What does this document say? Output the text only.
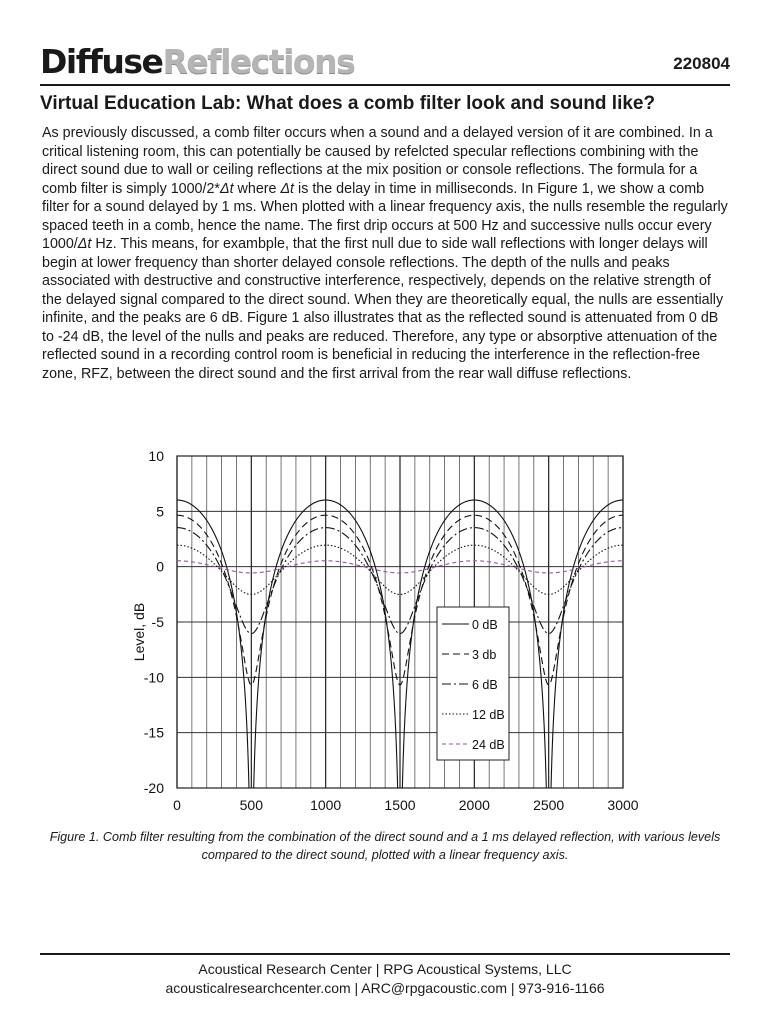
DiffuseReflections	220804
Virtual Education Lab: What does a comb filter look and sound like?

As previously discussed, a comb filter occurs when a sound and a delayed version of it are combined. In a critical listening room, this can potentially be caused by refelcted specular reflections combining with the direct sound due to wall or ceiling reflections at the mix position or console reflections. The formula for a comb filter is simply 1000/2*Δt where Δt is the delay in time in milliseconds. In Figure 1, we show a comb filter for a sound delayed by 1 ms. When plotted with a linear frequency axis, the nulls resemble the regularly spaced teeth in a comb, hence the name. The first drip occurs at 500 Hz and successive nulls occur every 1000/Δt Hz. This means, for exambple, that the first null due to side wall reflections with longer delays will begin at lower frequency than shorter delayed console reflections. The depth of the nulls and peaks associated with destructive and constructive interference, respectively, depends on the relative strength of the delayed signal compared to the direct sound. When they are theoretically equal, the nulls are essentially infinite, and the peaks are 6 dB. Figure 1 also illustrates that as the reflected sound is attenuated from 0 dB to -24 dB, the level of the nulls and peaks are reduced. Therefore, any type or absorptive attenuation of the reflected sound in a recording control room is beneficial in reducing the interference in the reflection-free zone, RFZ, between the direct sound and the first arrival from the rear wall diffuse reflections.

10
5
0
-5
-10
-15
-20
0	500	1000	1500	2000	2500	3000
Level, dB	0 dB
3 db
6 dB
12 dB
24 dB

Figure 1. Comb filter resulting from the combination of the direct sound and a 1 ms delayed reflection, with various levels compared to the direct sound, plotted with a linear frequency axis.

Acoustical Research Center | RPG Acoustical Systems, LLC
acousticalresearchcenter.com | ARC@rpgacoustic.com | 973-916-1166
